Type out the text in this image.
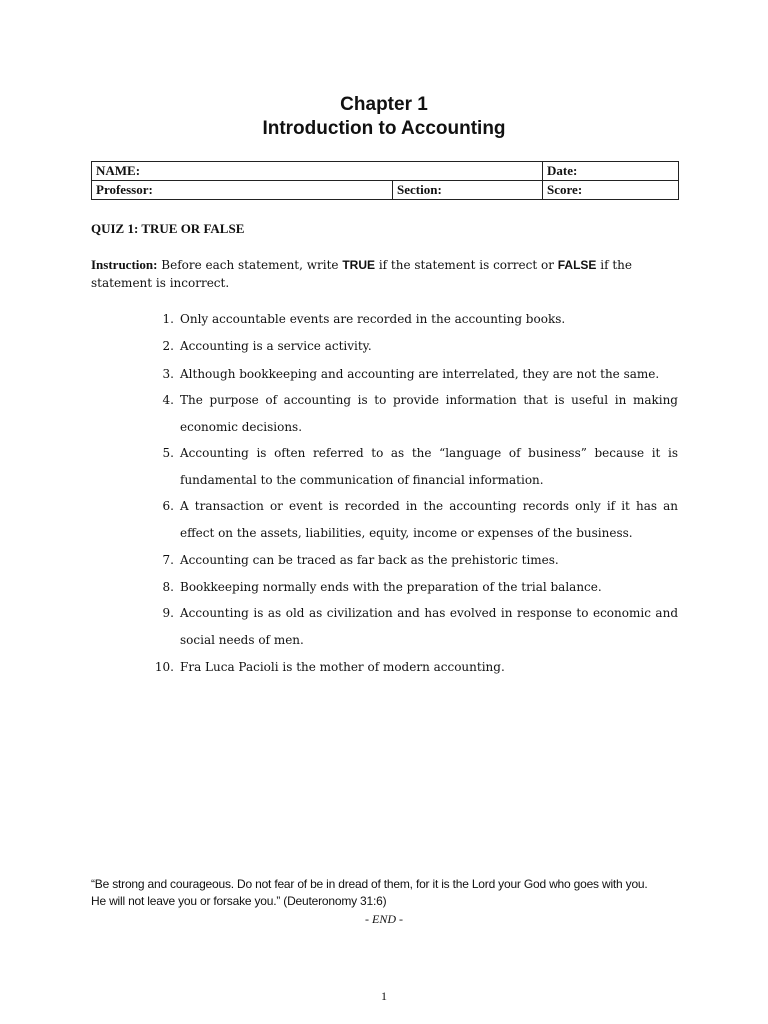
Chapter 1
Introduction to Accounting
NAME:		Date:
Professor:	Section:	Score:
QUIZ 1: TRUE OR FALSE
Instruction: Before each statement, write TRUE if the statement is correct or FALSE if the statement is incorrect.
1. Only accountable events are recorded in the accounting books.
2. Accounting is a service activity.
3. Although bookkeeping and accounting are interrelated, they are not the same.
4. The purpose of accounting is to provide information that is useful in making economic decisions.
5. Accounting is often referred to as the “language of business” because it is fundamental to the communication of financial information.
6. A transaction or event is recorded in the accounting records only if it has an effect on the assets, liabilities, equity, income or expenses of the business.
7. Accounting can be traced as far back as the prehistoric times.
8. Bookkeeping normally ends with the preparation of the trial balance.
9. Accounting is as old as civilization and has evolved in response to economic and social needs of men.
10. Fra Luca Pacioli is the mother of modern accounting.
“Be strong and courageous. Do not fear of be in dread of them, for it is the Lord your God who goes with you.
He will not leave you or forsake you.” (Deuteronomy 31:6)
- END -
1
